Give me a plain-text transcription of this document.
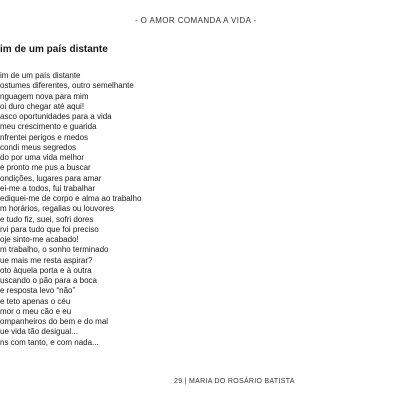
- O AMOR COMANDA A VIDA -
im de um país distante
im de um país distante
ostumes diferentes, outro semelhante
nguagem nova para mim
oi duro chegar até aqui!
asco oportunidades para a vida
meu crescimento e guarida
nfrentei perigos e medos
condi meus segredos
do por uma vida melhor
e pronto me pus a buscar
ondições, lugares para amar
ei-me a todos, fui trabalhar
ediquei-me de corpo e alma ao trabalho
m horários, regalias ou louvores
e tudo fiz, suei, sofri dores
rvi para tudo que foi preciso
oje sinto-me acabado!
m trabalho, o sonho terminado
ue mais me resta aspirar?
oto àquela porta e à outra
uscando o pão para a boca
e resposta levo “não”
e teto apenas o céu
mor o meu cão e eu
ompanheiros do bem e do mal
ue vida tão desigual...
ns com tanto, e com nada...
29 | MARIA DO ROSÁRIO BATISTA
